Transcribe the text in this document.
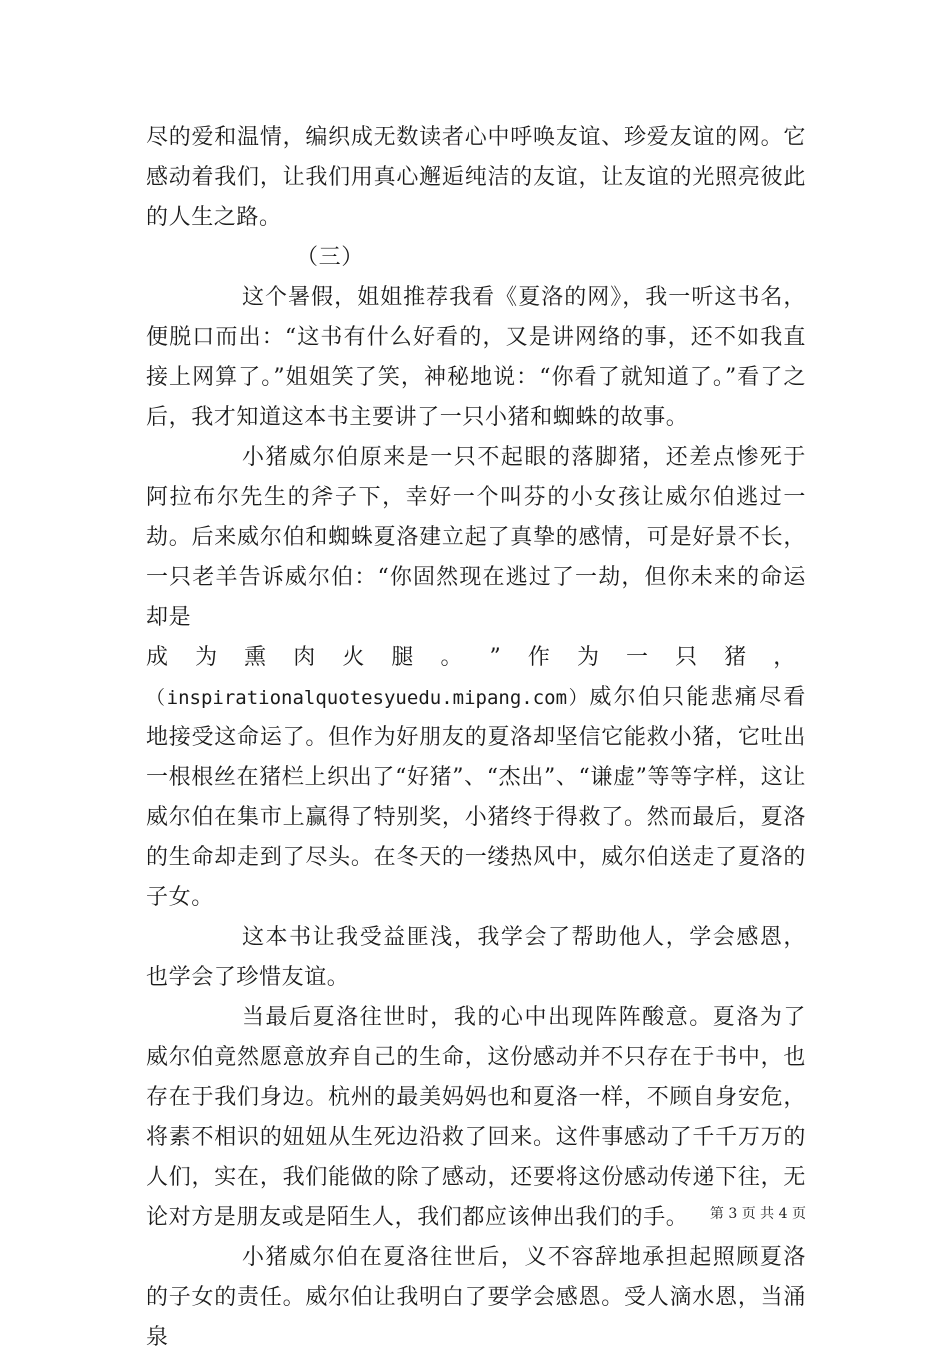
尽的爱和温情，编织成无数读者心中呼唤友谊、珍爱友谊的网。它感动着我们，让我们用真心邂逅纯洁的友谊，让友谊的光照亮彼此的人生之路。

（三）

这个暑假，姐姐推荐我看《夏洛的网》，我一听这书名，便脱口而出：“这书有什么好看的，又是讲网络的事，还不如我直接上网算了。”姐姐笑了笑，神秘地说：“你看了就知道了。”看了之后，我才知道这本书主要讲了一只小猪和蜘蛛的故事。

小猪威尔伯原来是一只不起眼的落脚猪，还差点惨死于阿拉布尔先生的斧子下，幸好一个叫芬的小女孩让威尔伯逃过一劫。后来威尔伯和蜘蛛夏洛建立起了真挚的感情，可是好景不长，一只老羊告诉威尔伯：“你固然现在逃过了一劫，但你未来的命运却是

成 为 熏 肉 火 腿 。 ” 作 为 一 只 猪 ，

（inspirationalquotesyuedu.mipang.com）威尔伯只能悲痛尽看地接受这命运了。但作为好朋友的夏洛却坚信它能救小猪，它吐出一根根丝在猪栏上织出了“好猪”、“杰出”、“谦虚”等等字样，这让威尔伯在集市上赢得了特别奖，小猪终于得救了。然而最后，夏洛的生命却走到了尽头。在冬天的一缕热风中，威尔伯送走了夏洛的子女。

这本书让我受益匪浅，我学会了帮助他人，学会感恩，也学会了珍惜友谊。

当最后夏洛往世时，我的心中出现阵阵酸意。夏洛为了威尔伯竟然愿意放弃自己的生命，这份感动并不只存在于书中，也存在于我们身边。杭州的最美妈妈也和夏洛一样，不顾自身安危，将素不相识的妞妞从生死边沿救了回来。这件事感动了千千万万的人们，实在，我们能做的除了感动，还要将这份感动传递下往，无论对方是朋友或是陌生人，我们都应该伸出我们的手。

小猪威尔伯在夏洛往世后，义不容辞地承担起照顾夏洛的子女的责任。威尔伯让我明白了要学会感恩。受人滴水恩，当涌泉

第 3 页 共 4 页
